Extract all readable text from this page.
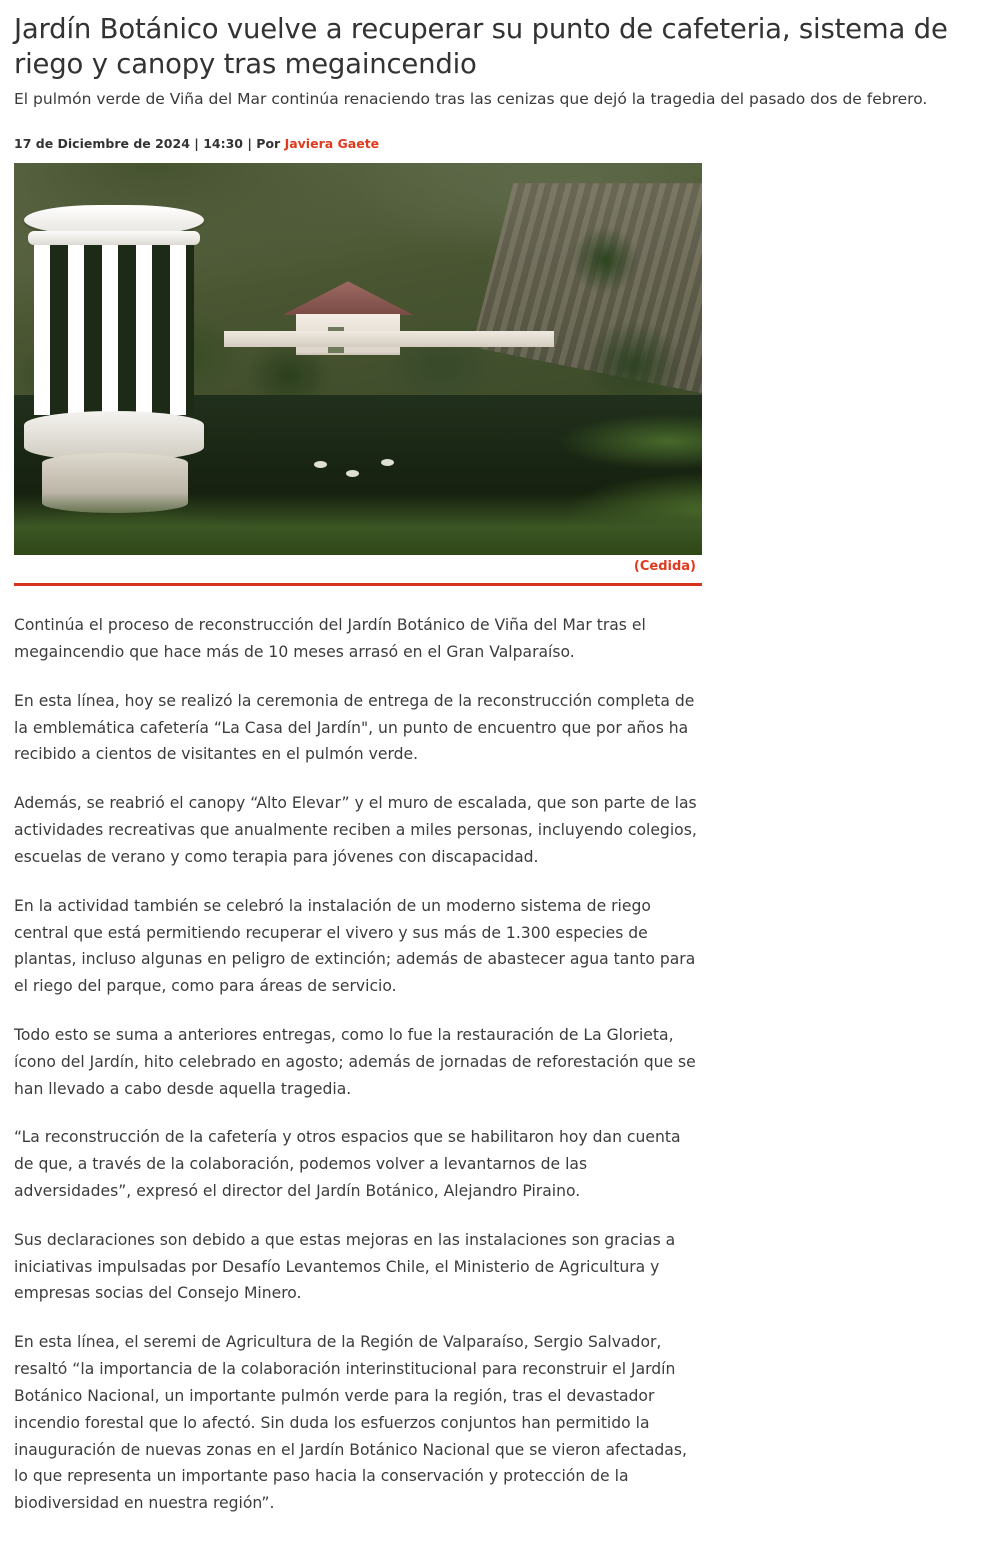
Jardín Botánico vuelve a recuperar su punto de cafeteria, sistema de riego y canopy tras megaincendio

El pulmón verde de Viña del Mar continúa renaciendo tras las cenizas que dejó la tragedia del pasado dos de febrero.

17 de Diciembre de 2024 | 14:30 | Por Javiera Gaete
(Cedida)

Continúa el proceso de reconstrucción del Jardín Botánico de Viña del Mar tras el megaincendio que hace más de 10 meses arrasó en el Gran Valparaíso.

En esta línea, hoy se realizó la ceremonia de entrega de la reconstrucción completa de la emblemática cafetería “La Casa del Jardín", un punto de encuentro que por años ha recibido a cientos de visitantes en el pulmón verde.

Además, se reabrió el canopy “Alto Elevar” y el muro de escalada, que son parte de las actividades recreativas que anualmente reciben a miles personas, incluyendo colegios, escuelas de verano y como terapia para jóvenes con discapacidad.

En la actividad también se celebró la instalación de un moderno sistema de riego central que está permitiendo recuperar el vivero y sus más de 1.300 especies de plantas, incluso algunas en peligro de extinción; además de abastecer agua tanto para el riego del parque, como para áreas de servicio.

Todo esto se suma a anteriores entregas, como lo fue la restauración de La Glorieta, ícono del Jardín, hito celebrado en agosto; además de jornadas de reforestación que se han llevado a cabo desde aquella tragedia.

“La reconstrucción de la cafetería y otros espacios que se habilitaron hoy dan cuenta de que, a través de la colaboración, podemos volver a levantarnos de las adversidades”, expresó el director del Jardín Botánico, Alejandro Piraino.

Sus declaraciones son debido a que estas mejoras en las instalaciones son gracias a iniciativas impulsadas por Desafío Levantemos Chile, el Ministerio de Agricultura y empresas socias del Consejo Minero.

En esta línea, el seremi de Agricultura de la Región de Valparaíso, Sergio Salvador, resaltó “la importancia de la colaboración interinstitucional para reconstruir el Jardín Botánico Nacional, un importante pulmón verde para la región, tras el devastador incendio forestal que lo afectó. Sin duda los esfuerzos conjuntos han permitido la inauguración de nuevas zonas en el Jardín Botánico Nacional que se vieron afectadas, lo que representa un importante paso hacia la conservación y protección de la biodiversidad en nuestra región”.
